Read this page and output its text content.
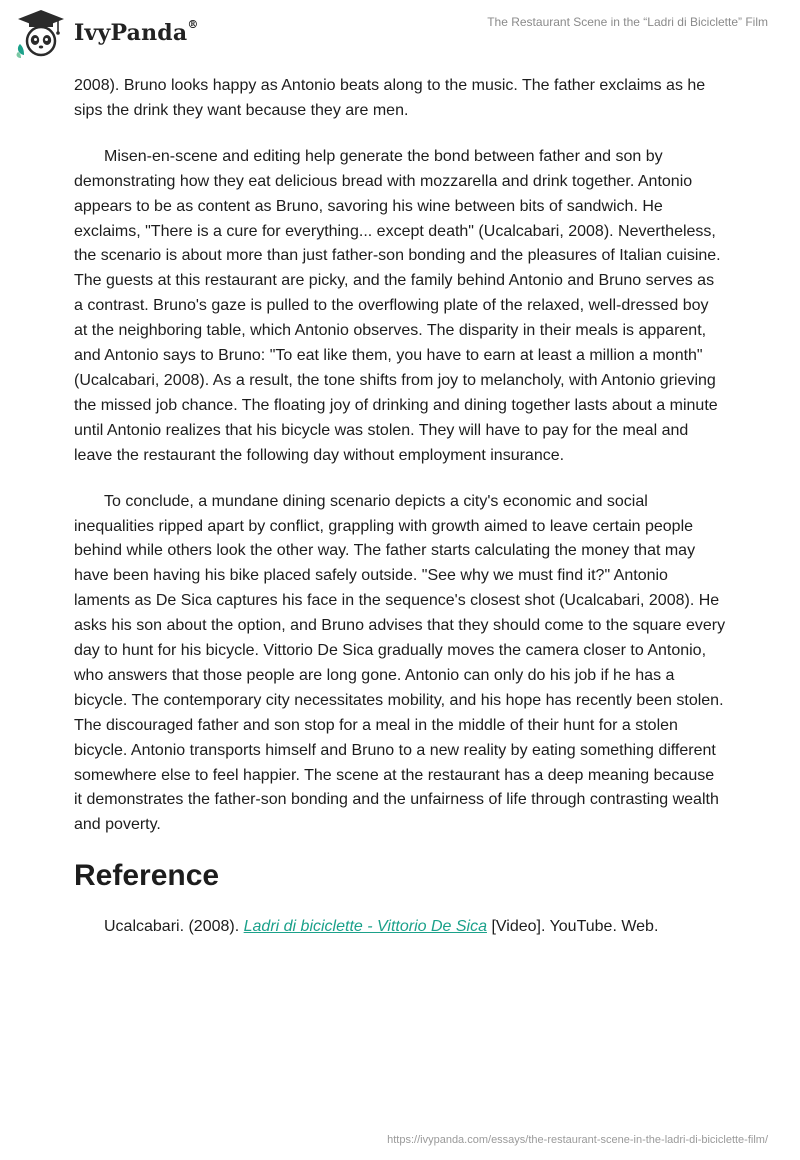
IvyPanda®	The Restaurant Scene in the “Ladri di Biciclette” Film

2008). Bruno looks happy as Antonio beats along to the music. The father exclaims as he sips the drink they want because they are men.

Misen-en-scene and editing help generate the bond between father and son by demonstrating how they eat delicious bread with mozzarella and drink together. Antonio appears to be as content as Bruno, savoring his wine between bits of sandwich. He exclaims, "There is a cure for everything... except death" (Ucalcabari, 2008). Nevertheless, the scenario is about more than just father-son bonding and the pleasures of Italian cuisine. The guests at this restaurant are picky, and the family behind Antonio and Bruno serves as a contrast. Bruno's gaze is pulled to the overflowing plate of the relaxed, well-dressed boy at the neighboring table, which Antonio observes. The disparity in their meals is apparent, and Antonio says to Bruno: "To eat like them, you have to earn at least a million a month" (Ucalcabari, 2008). As a result, the tone shifts from joy to melancholy, with Antonio grieving the missed job chance. The floating joy of drinking and dining together lasts about a minute until Antonio realizes that his bicycle was stolen. They will have to pay for the meal and leave the restaurant the following day without employment insurance.

To conclude, a mundane dining scenario depicts a city's economic and social inequalities ripped apart by conflict, grappling with growth aimed to leave certain people behind while others look the other way. The father starts calculating the money that may have been having his bike placed safely outside. "See why we must find it?" Antonio laments as De Sica captures his face in the sequence's closest shot (Ucalcabari, 2008). He asks his son about the option, and Bruno advises that they should come to the square every day to hunt for his bicycle. Vittorio De Sica gradually moves the camera closer to Antonio, who answers that those people are long gone. Antonio can only do his job if he has a bicycle. The contemporary city necessitates mobility, and his hope has recently been stolen. The discouraged father and son stop for a meal in the middle of their hunt for a stolen bicycle. Antonio transports himself and Bruno to a new reality by eating something different somewhere else to feel happier. The scene at the restaurant has a deep meaning because it demonstrates the father-son bonding and the unfairness of life through contrasting wealth and poverty.

Reference
Ucalcabari. (2008). Ladri di biciclette - Vittorio De Sica [Video]. YouTube. Web.
https://ivypanda.com/essays/the-restaurant-scene-in-the-ladri-di-biciclette-film/
